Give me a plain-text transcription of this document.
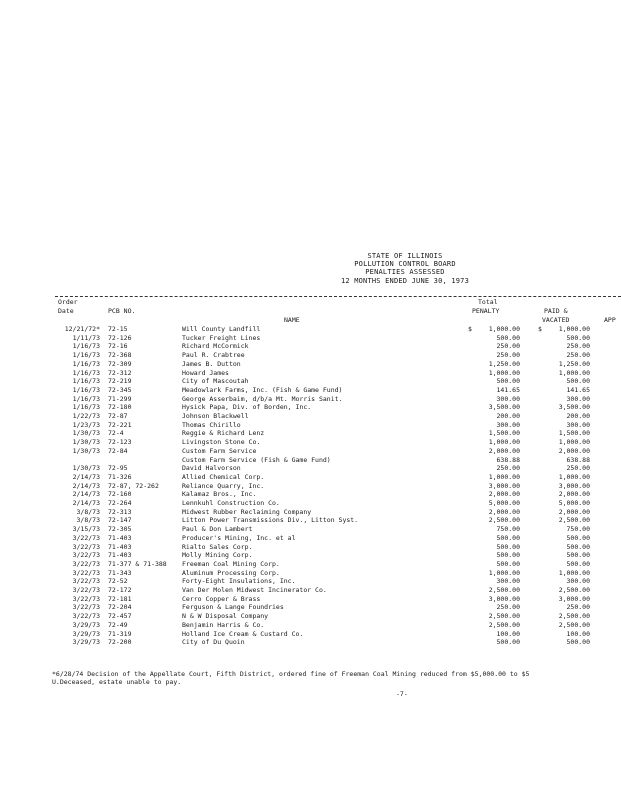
STATE OF ILLINOIS
POLLUTION CONTROL BOARD
PENALTIES ASSESSED
12 MONTHS ENDED JUNE 30, 1973
Order
Date	PCB NO.
Total
PENALTY	PAID &
VACATED	APP
NAME
12/21/72* 72-15	Will County Landfill	1,000.00	1,000.00
$	$
1/11/73 72-126	Tucker Freight Lines	500.00	500.00
1/16/73 72-16	Richard McCormick	250.00	250.00
1/16/73 72-368	Paul R. Crabtree	250.00	250.00
1/16/73 72-309	James B. Dutton	1,250.00	1,250.00
1/16/73 72-312	Howard James	1,000.00	1,000.00
1/16/73 72-219	City of Mascoutah	500.00	500.00
1/16/73 72-345	Meadowlark Farms, Inc. (Fish & Game Fund)	141.65	141.65
1/16/73 71-299	George Asserbaim, d/b/a Mt. Morris Sanit.	300.00	300.00
1/16/73 72-180	Hysick Papa, Div. of Borden, Inc.	3,500.00	3,500.00
1/22/73 72-87	Johnson Blackwell	200.00	200.00
1/23/73 72-221	Thomas Chirillo	300.00	300.00
1/30/73 72-4	Reggie & Richard Lenz	1,500.00	1,500.00
1/30/73 72-123	Livingston Stone Co.	1,000.00	1,000.00
1/30/73 72-84	Custom Farm Service	2,000.00	2,000.00
Custom Farm Service (Fish & Game Fund)	638.88	638.88
1/30/73 72-95	David Halvorson	250.00	250.00
2/14/73 71-326	Allied Chemical Corp.	1,000.00	1,000.00
2/14/73 72-87, 72-262	Reliance Quarry, Inc.	3,000.00	3,000.00
2/14/73 72-160	Kalamaz Bros., Inc.	2,000.00	2,000.00
2/14/73 72-264	Lennkuhl Construction Co.	5,000.00	5,000.00
3/8/73 72-313	Midwest Rubber Reclaiming Company	2,000.00	2,000.00
3/8/73 72-147	Litton Power Transmissions Div., Litton Syst.	2,500.00	2,500.00
3/15/73 72-305	Paul & Don Lambert	750.00	750.00
3/22/73 71-403	Producer's Mining, Inc. et al	500.00	500.00
3/22/73 71-403	Rialto Sales Corp.	500.00	500.00
3/22/73 71-403	Molly Mining Corp.	500.00	500.00
3/22/73 71-377 & 71-388 Freeman Coal Mining Corp.	500.00	500.00
3/22/73 71-343	Aluminum Processing Corp.	1,000.00	1,000.00
3/22/73 72-52	Forty-Eight Insulations, Inc.	300.00	300.00
3/22/73 72-172	Van Der Molen Midwest Incinerator Co.	2,500.00	2,500.00
3/22/73 72-181	Cerro Copper & Brass	3,000.00	3,000.00
3/22/73 72-204	Ferguson & Lange Foundries	250.00	250.00
3/22/73 72-457	N & W Disposal Company	2,500.00	2,500.00
3/29/73 72-49	Benjamin Harris & Co.	2,500.00	2,500.00
3/29/73 71-319	Holland Ice Cream & Custard Co.	100.00	100.00
3/29/73 72-200	City of Du Quoin	500.00	500.00
*6/28/74 Decision of the Appellate Court, Fifth District, ordered fine of Freeman Coal Mining reduced from $5,000.00 to $5
U.Deceased, estate unable to pay.
-7-
